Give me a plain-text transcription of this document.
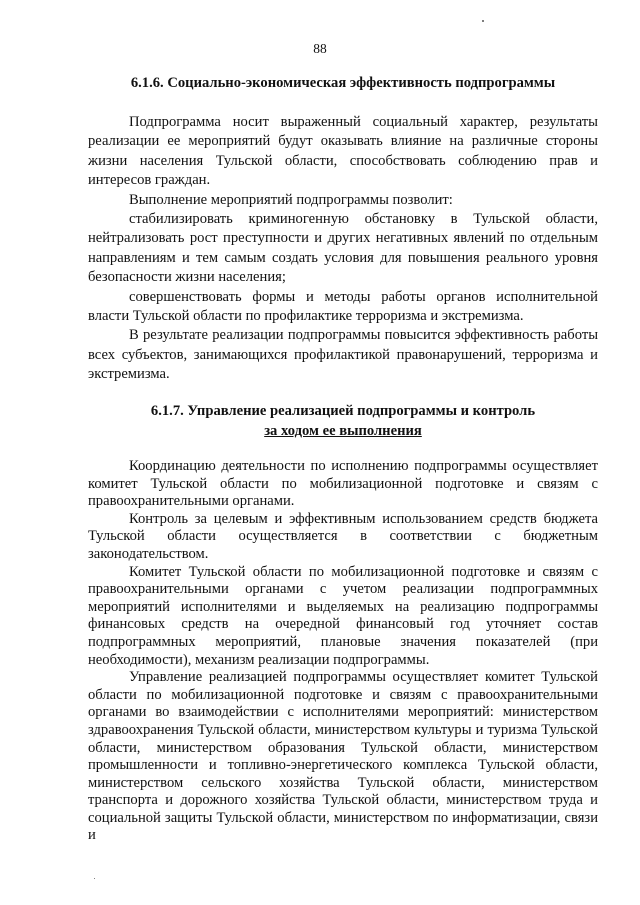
88
6.1.6. Социально-экономическая эффективность подпрограммы

Подпрограмма носит выраженный социальный характер, результаты реализации ее мероприятий будут оказывать влияние на различные стороны жизни населения Тульской области, способствовать соблюдению прав и интересов граждан.

Выполнение мероприятий подпрограммы позволит:

стабилизировать криминогенную обстановку в Тульской области, нейтрализовать рост преступности и других негативных явлений по отдельным направлениям и тем самым создать условия для повышения реального уровня безопасности жизни населения;

совершенствовать формы и методы работы органов исполнительной власти Тульской области по профилактике терроризма и экстремизма.

В результате реализации подпрограммы повысится эффективность работы всех субъектов, занимающихся профилактикой правонарушений, терроризма и экстремизма.

6.1.7. Управление реализацией подпрограммы и контроль
за ходом ее выполнения

Координацию деятельности по исполнению подпрограммы осуществляет комитет Тульской области по мобилизационной подготовке и связям с правоохранительными органами.

Контроль за целевым и эффективным использованием средств бюджета Тульской области осуществляется в соответствии с бюджетным законодательством.

Комитет Тульской области по мобилизационной подготовке и связям с правоохранительными органами с учетом реализации подпрограммных мероприятий исполнителями и выделяемых на реализацию подпрограммы финансовых средств на очередной финансовый год уточняет состав подпрограммных мероприятий, плановые значения показателей (при необходимости), механизм реализации подпрограммы.

Управление реализацией подпрограммы осуществляет комитет Тульской области по мобилизационной подготовке и связям с правоохранительными органами во взаимодействии с исполнителями мероприятий: министерством здравоохранения Тульской области, министерством культуры и туризма Тульской области, министерством образования Тульской области, министерством промышленности и топливно-энергетического комплекса Тульской области, министерством сельского хозяйства Тульской области, министерством транспорта и дорожного хозяйства Тульской области, министерством труда и социальной защиты Тульской области, министерством по информатизации, связи и
